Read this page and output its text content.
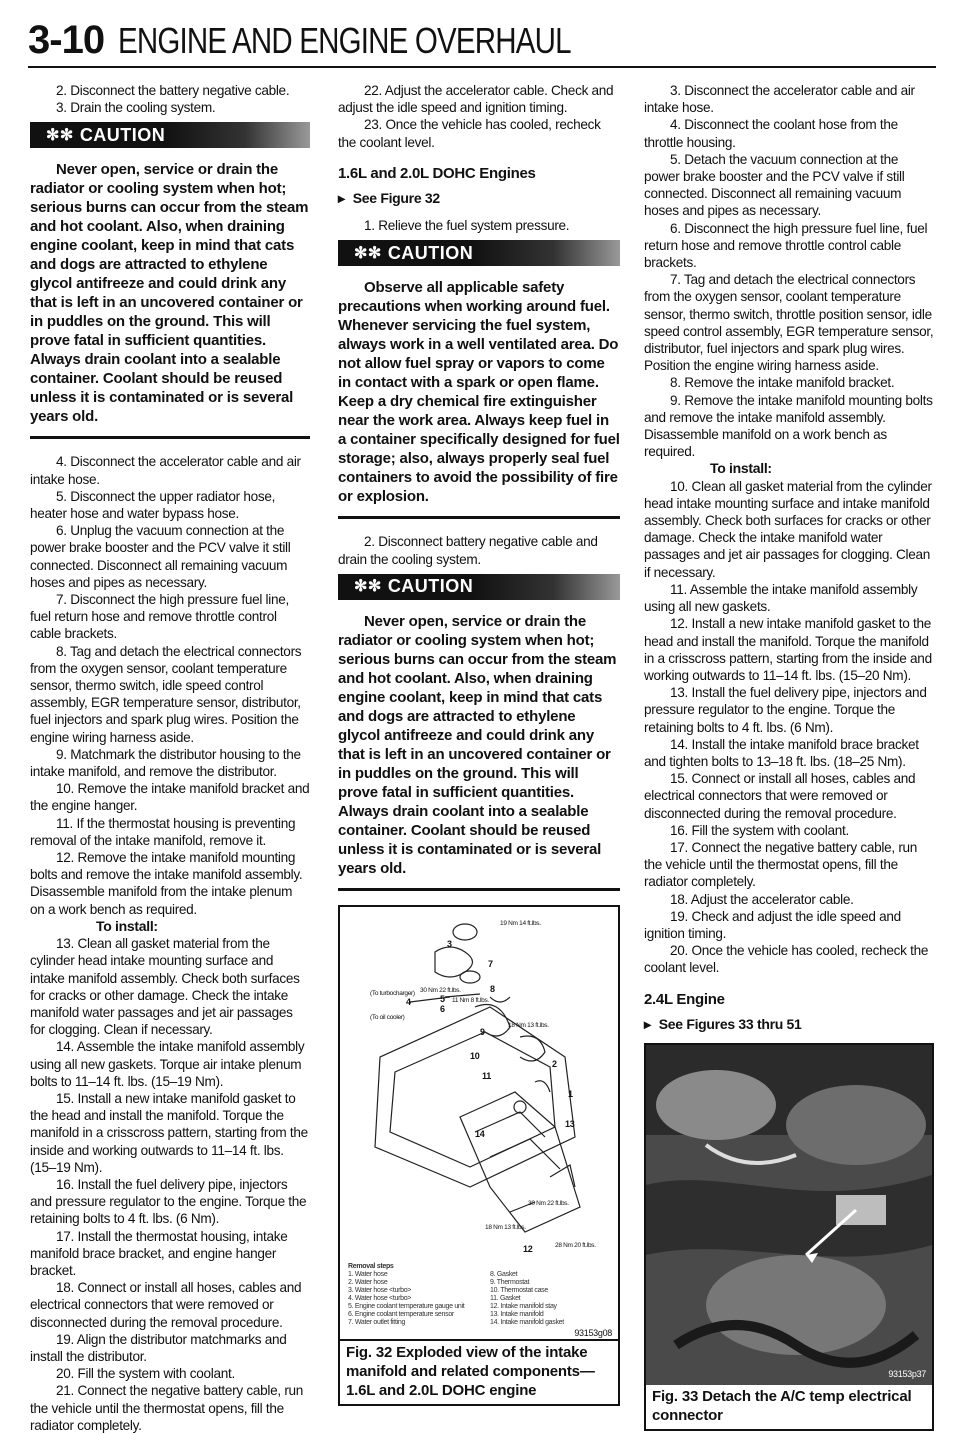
3-10 ENGINE AND ENGINE OVERHAUL

2. Disconnect the battery negative cable.

3. Drain the cooling system.

✻✻ CAUTION

Never open, service or drain the radiator or cooling system when hot; serious burns can occur from the steam and hot coolant. Also, when draining engine coolant, keep in mind that cats and dogs are attracted to ethylene glycol antifreeze and could drink any that is left in an uncovered container or in puddles on the ground. This will prove fatal in sufficient quantities. Always drain coolant into a sealable container. Coolant should be reused unless it is contaminated or is several years old.

4. Disconnect the accelerator cable and air intake hose.

5. Disconnect the upper radiator hose, heater hose and water bypass hose.

6. Unplug the vacuum connection at the power brake booster and the PCV valve it still connected. Disconnect all remaining vacuum hoses and pipes as necessary.

7. Disconnect the high pressure fuel line, fuel return hose and remove throttle control cable brackets.

8. Tag and detach the electrical connectors from the oxygen sensor, coolant temperature sensor, thermo switch, idle speed control assembly, EGR temperature sensor, distributor, fuel injectors and spark plug wires. Position the engine wiring harness aside.

9. Matchmark the distributor housing to the intake manifold, and remove the distributor.

10. Remove the intake manifold bracket and the engine hanger.

11. If the thermostat housing is preventing removal of the intake manifold, remove it.

12. Remove the intake manifold mounting bolts and remove the intake manifold assembly. Disassemble manifold from the intake plenum on a work bench as required.

To install:

13. Clean all gasket material from the cylinder head intake mounting surface and intake manifold assembly. Check both surfaces for cracks or other damage. Check the intake manifold water passages and jet air passages for clogging. Clean if necessary.

14. Assemble the intake manifold assembly using all new gaskets. Torque air intake plenum bolts to 11–14 ft. lbs. (15–19 Nm).

15. Install a new intake manifold gasket to the head and install the manifold. Torque the manifold in a crisscross pattern, starting from the inside and working outwards to 11–14 ft. lbs. (15–19 Nm).

16. Install the fuel delivery pipe, injectors and pressure regulator to the engine. Torque the retaining bolts to 4 ft. lbs. (6 Nm).

17. Install the thermostat housing, intake manifold brace bracket, and engine hanger bracket.

18. Connect or install all hoses, cables and electrical connectors that were removed or disconnected during the removal procedure.

19. Align the distributor matchmarks and install the distributor.

20. Fill the system with coolant.

21. Connect the negative battery cable, run the vehicle until the thermostat opens, fill the radiator completely.

22. Adjust the accelerator cable. Check and adjust the idle speed and ignition timing.

23. Once the vehicle has cooled, recheck the coolant level.

1.6L and 2.0L DOHC Engines
▸ See Figure 32

1. Relieve the fuel system pressure.

✻✻ CAUTION

Observe all applicable safety precautions when working around fuel. Whenever servicing the fuel system, always work in a well ventilated area. Do not allow fuel spray or vapors to come in contact with a spark or open flame. Keep a dry chemical fire extinguisher near the work area. Always keep fuel in a container specifically designed for fuel storage; also, always properly seal fuel containers to avoid the possibility of fire or explosion.

2. Disconnect battery negative cable and drain the cooling system.

✻✻ CAUTION

Never open, service or drain the radiator or cooling system when hot; serious burns can occur from the steam and hot coolant. Also, when draining engine coolant, keep in mind that cats and dogs are attracted to ethylene glycol antifreeze and could drink any that is left in an uncovered container or in puddles on the ground. This will prove fatal in sufficient quantities. Always drain coolant into a sealable container. Coolant should be reused unless it is contaminated or is several years old.

3
7
8
4	5
6
9
2
10
11
1
13
14
12
19 Nm 14 ft.lbs.
30 Nm 22 ft.lbs.
11 Nm 8 ft.lbs.
18 Nm 13 ft.lbs.
30 Nm 22 ft.lbs.
18 Nm 13 ft.lbs.
28 Nm 20 ft.lbs.
(To turbocharger)
(To oil cooler)
Removal steps
1. Water hose
2. Water hose
3. Water hose <turbo>
4. Water hose <turbo>
5. Engine coolant temperature gauge unit
6. Engine coolant temperature sensor
7. Water outlet fitting
8. Gasket
9. Thermostat
10. Thermostat case
11. Gasket
12. Intake manifold stay
13. Intake manifold
14. Intake manifold gasket
93153g08
Fig. 32 Exploded view of the intake manifold and related components—1.6L and 2.0L DOHC engine

3. Disconnect the accelerator cable and air intake hose.

4. Disconnect the coolant hose from the throttle housing.

5. Detach the vacuum connection at the power brake booster and the PCV valve if still connected. Disconnect all remaining vacuum hoses and pipes as necessary.

6. Disconnect the high pressure fuel line, fuel return hose and remove throttle control cable brackets.

7. Tag and detach the electrical connectors from the oxygen sensor, coolant temperature sensor, thermo switch, throttle position sensor, idle speed control assembly, EGR temperature sensor, distributor, fuel injectors and spark plug wires. Position the engine wiring harness aside.

8. Remove the intake manifold bracket.

9. Remove the intake manifold mounting bolts and remove the intake manifold assembly. Disassemble manifold on a work bench as required.

To install:

10. Clean all gasket material from the cylinder head intake mounting surface and intake manifold assembly. Check both surfaces for cracks or other damage. Check the intake manifold water passages and jet air passages for clogging. Clean if necessary.

11. Assemble the intake manifold assembly using all new gaskets.

12. Install a new intake manifold gasket to the head and install the manifold. Torque the manifold in a crisscross pattern, starting from the inside and working outwards to 11–14 ft. lbs. (15–20 Nm).

13. Install the fuel delivery pipe, injectors and pressure regulator to the engine. Torque the retaining bolts to 4 ft. lbs. (6 Nm).

14. Install the intake manifold brace bracket and tighten bolts to 13–18 ft. lbs. (18–25 Nm).

15. Connect or install all hoses, cables and electrical connectors that were removed or disconnected during the removal procedure.

16. Fill the system with coolant.

17. Connect the negative battery cable, run the vehicle until the thermostat opens, fill the radiator completely.

18. Adjust the accelerator cable.

19. Check and adjust the idle speed and ignition timing.

20. Once the vehicle has cooled, recheck the coolant level.

2.4L Engine
▸ See Figures 33 thru 51
93153p37
Fig. 33 Detach the A/C temp electrical connector
